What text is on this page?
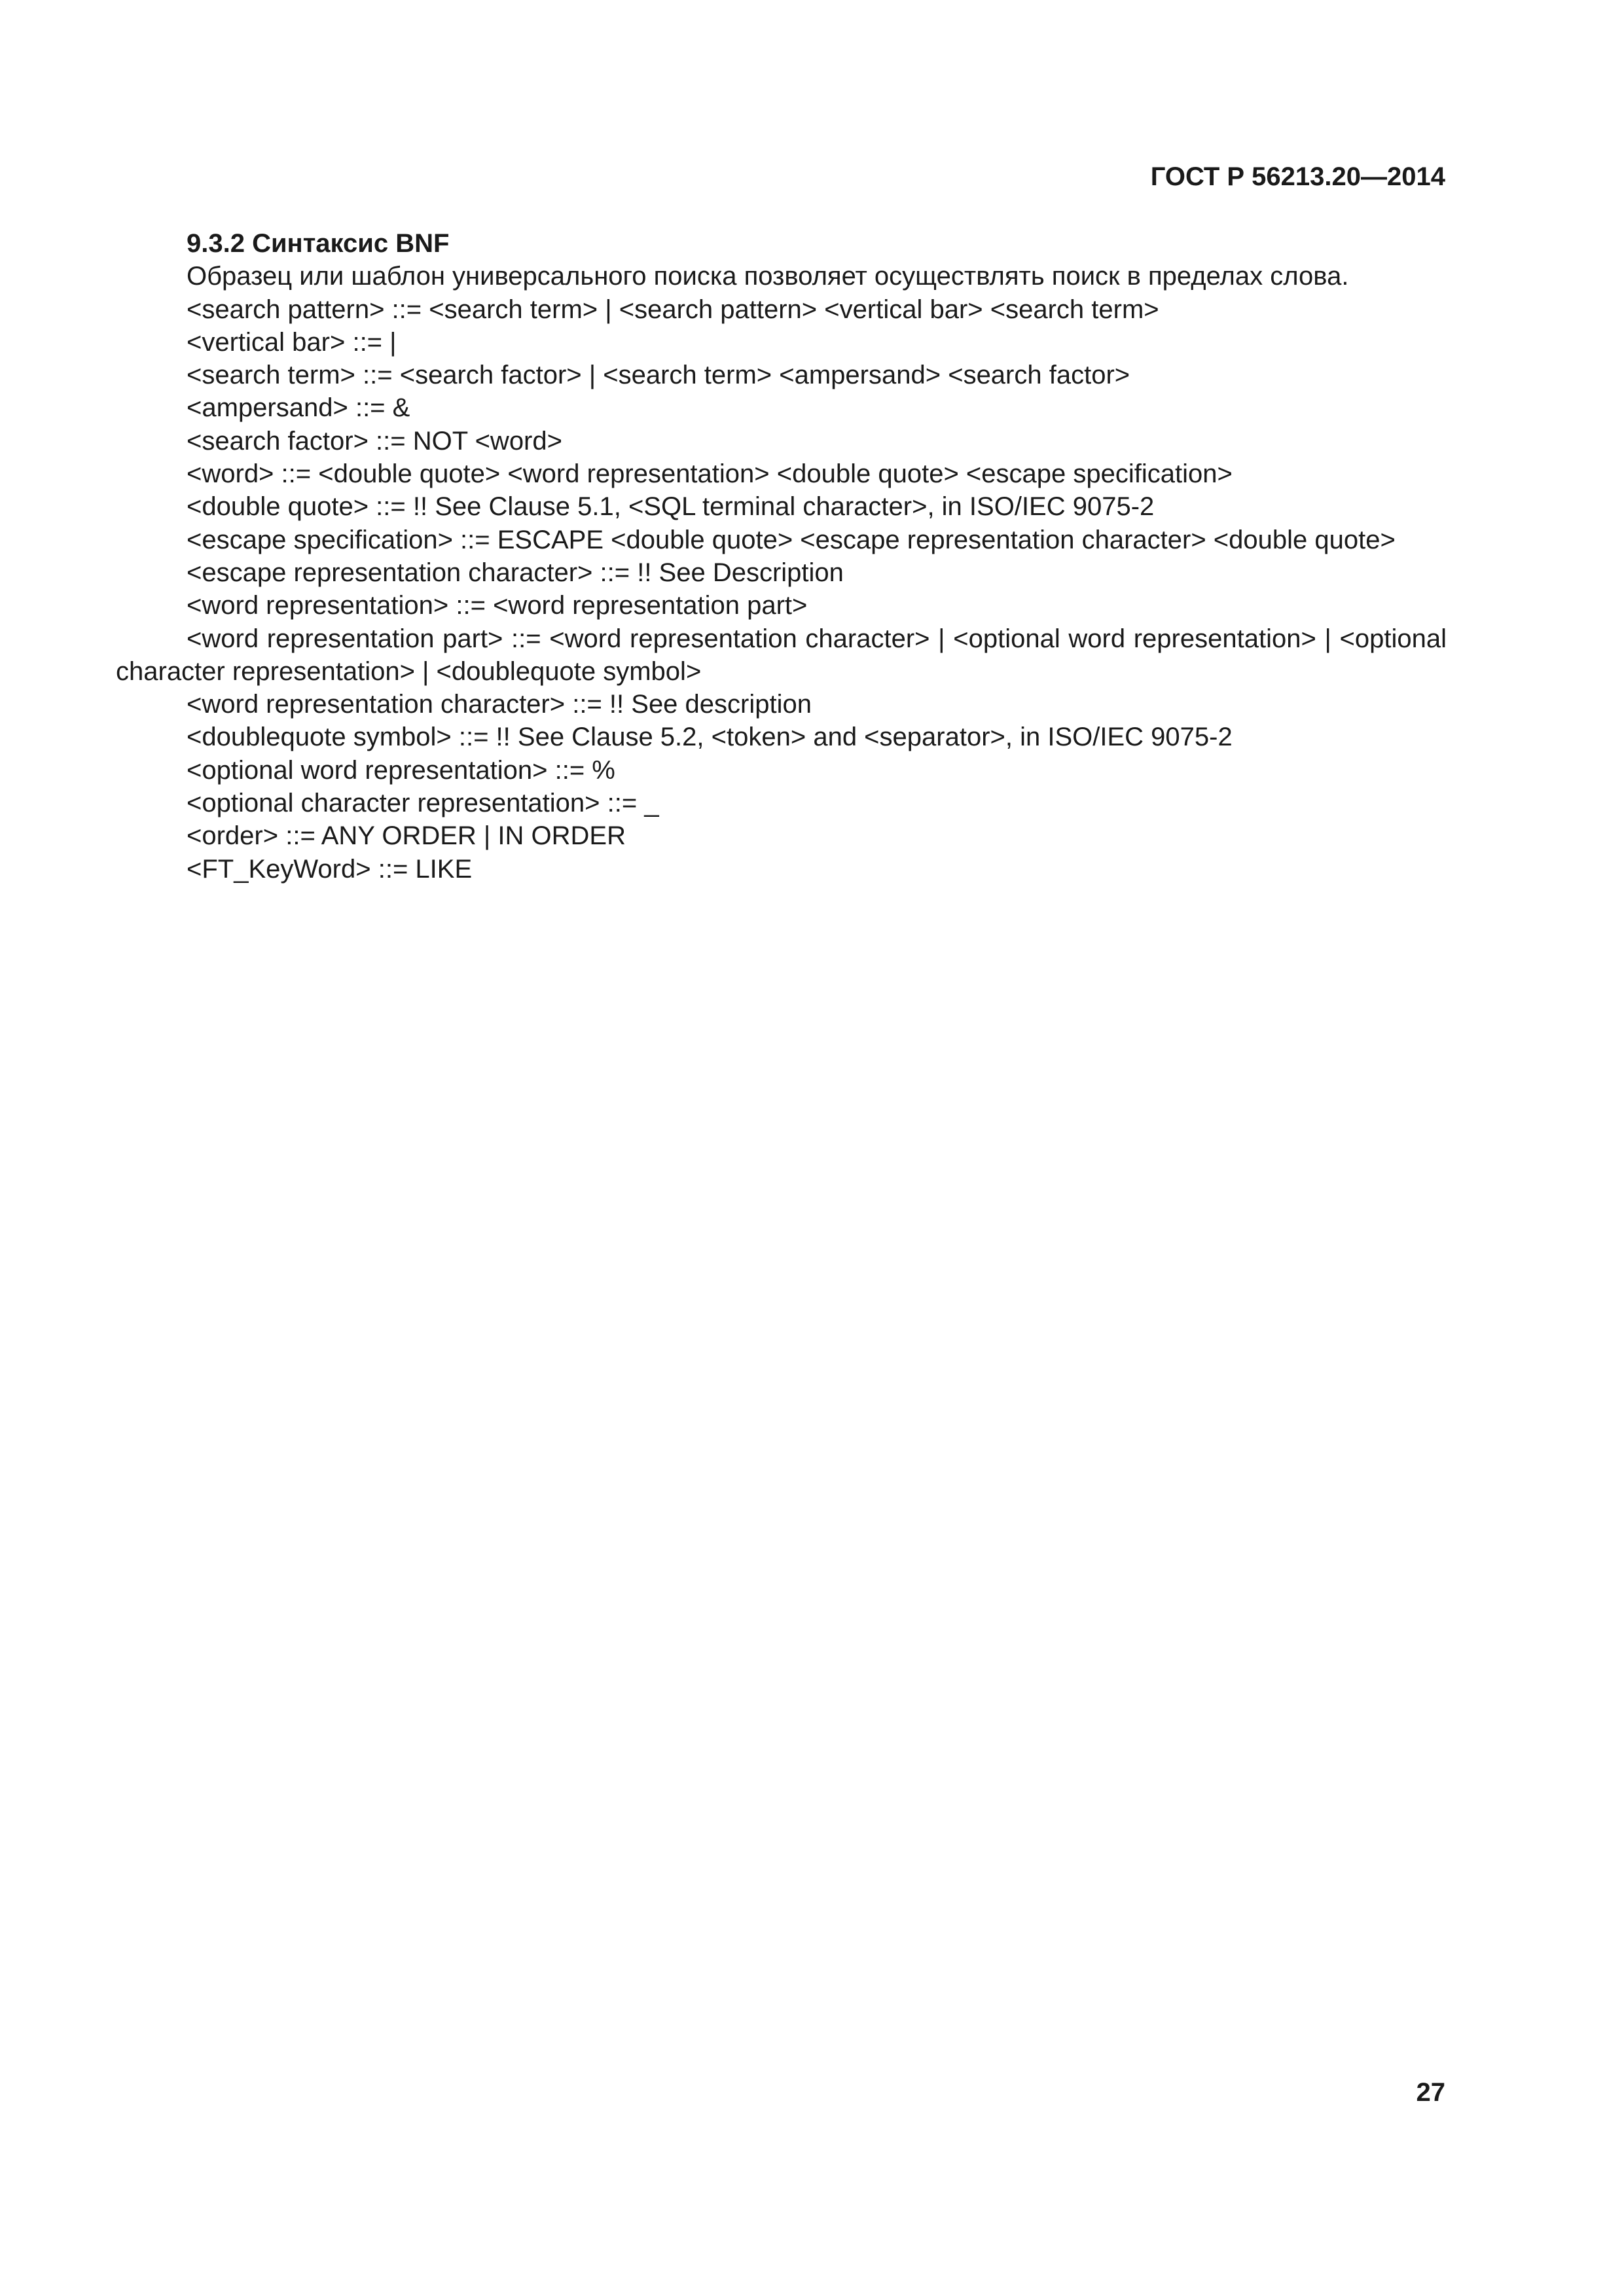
ГОСТ Р 56213.20—2014

9.3.2 Синтаксис BNF

Образец или шаблон универсального поиска позволяет осуществлять поиск в пределах слова.

<search pattern> ::= <search term> | <search pattern> <vertical bar> <search term>

<vertical bar> ::= |

<search term> ::= <search factor> | <search term> <ampersand> <search factor>

<ampersand> ::= &

<search factor> ::= NOT <word>

<word> ::= <double quote> <word representation> <double quote> <escape specification>

<double quote> ::= !! See Clause 5.1, <SQL terminal character>, in ISO/IEC 9075-2

<escape specification> ::= ESCAPE <double quote> <escape representation character> <double quote>

<escape representation character> ::= !! See Description

<word representation> ::= <word representation part>

<word representation part> ::= <word representation character> | <optional word representation> | <optional character representation> | <doublequote symbol>

<word representation character> ::= !! See description

<doublequote symbol> ::= !! See Clause 5.2, <token> and <separator>, in ISO/IEC 9075-2

<optional word representation> ::= %

<optional character representation> ::= _

<order> ::= ANY ORDER | IN ORDER

<FT_KeyWord> ::= LIKE

27
